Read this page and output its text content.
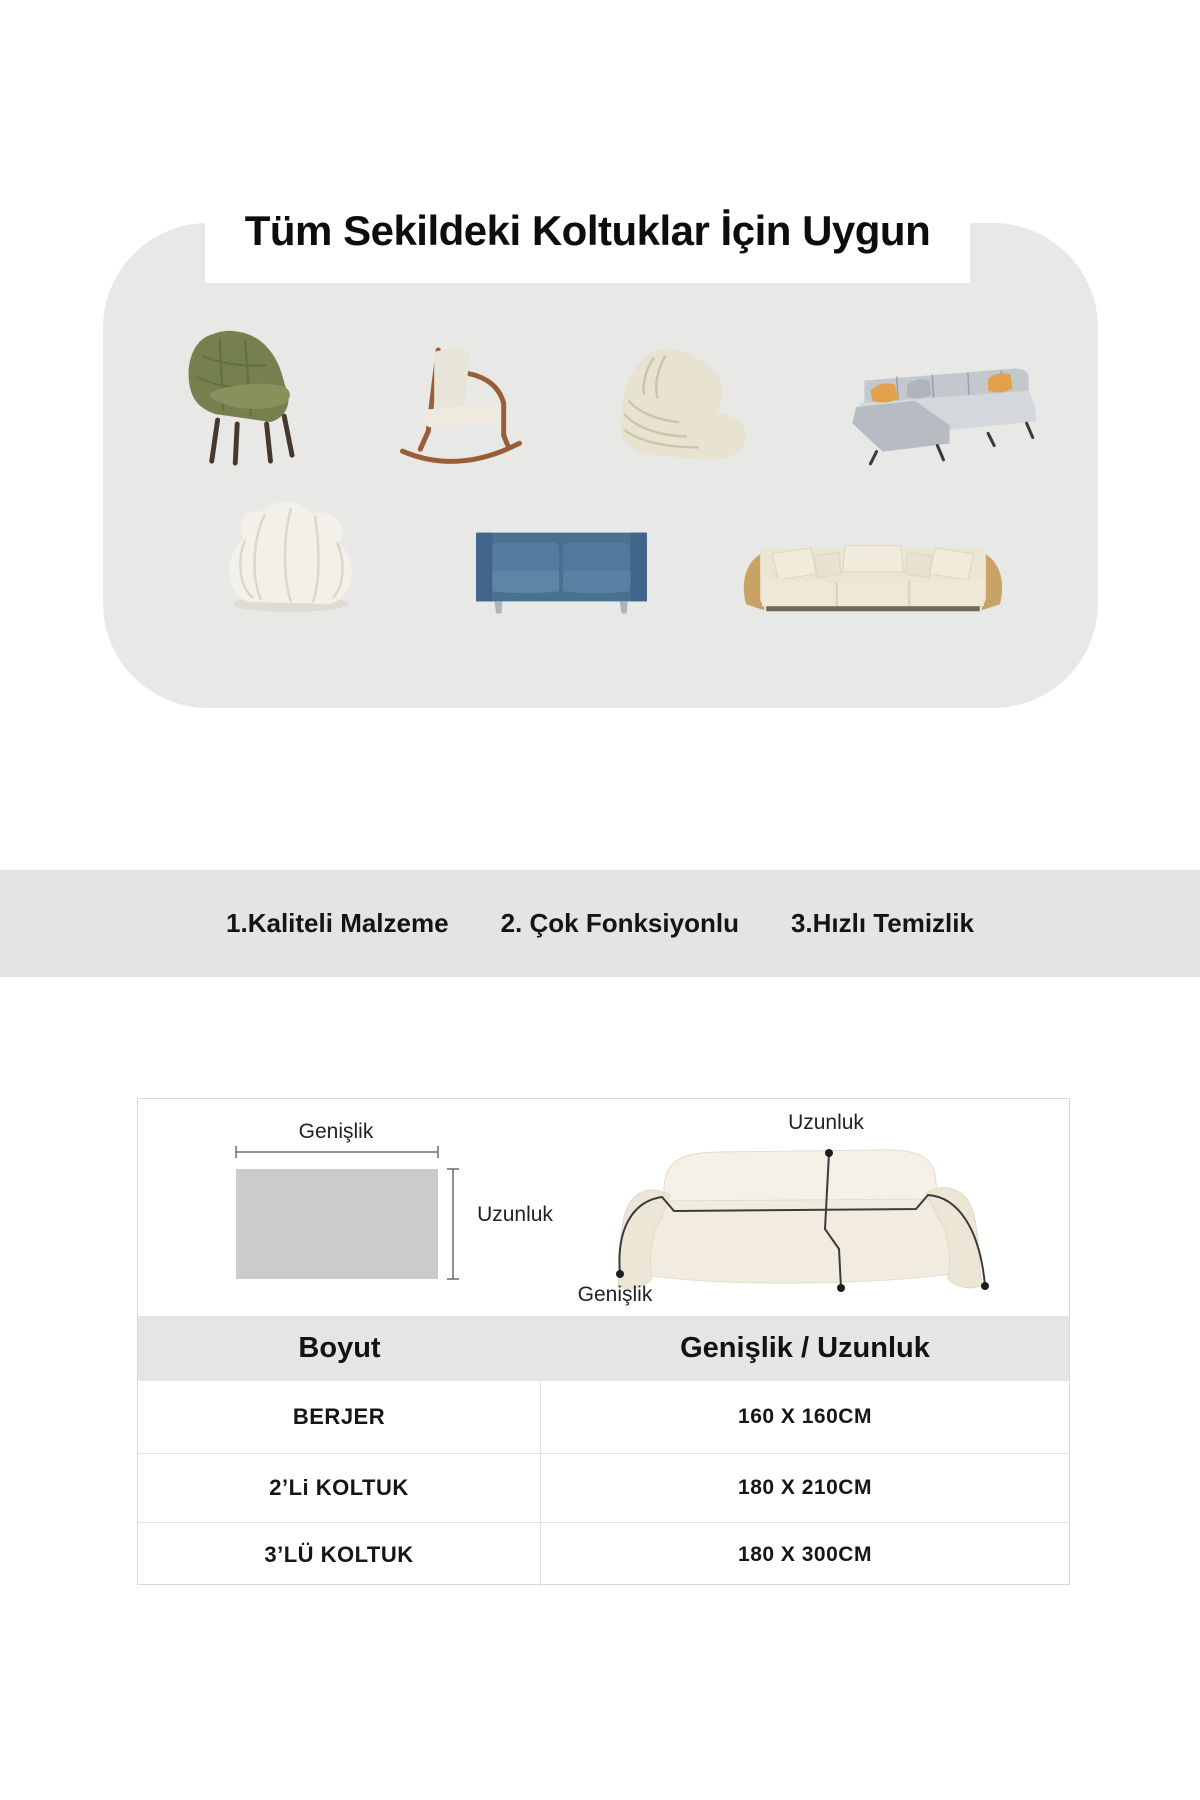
Tüm Sekildeki Koltuklar İçin Uygun
1.Kaliteli Malzeme 2. Çok Fonksiyonlu 3.Hızlı Temizlik
Genişlik
Uzunluk
Uzunluk
Genişlik
Boyut	Genişlik / Uzunluk
BERJER	160 X 160CM
2’Li KOLTUK	180 X 210CM
3’LÜ KOLTUK	180 X 300CM
